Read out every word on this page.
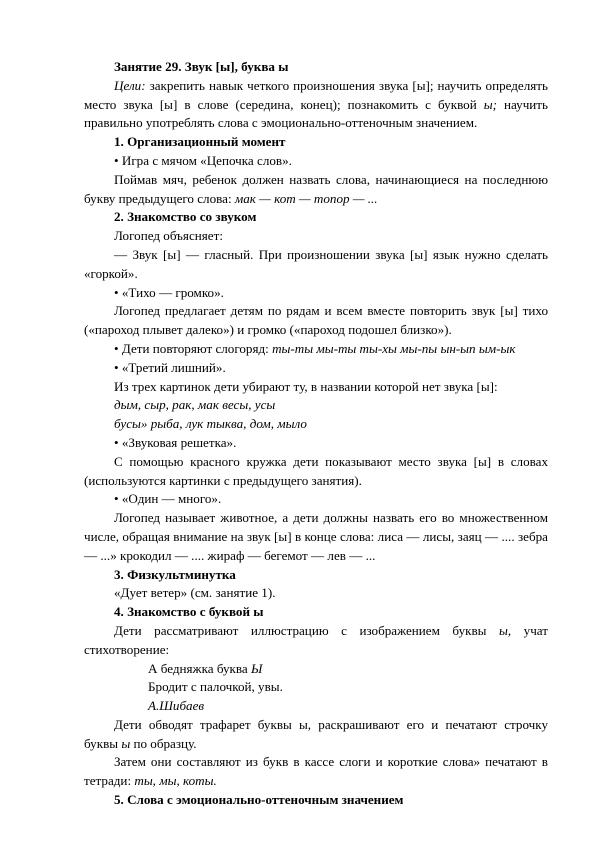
Занятие 29. Звук [ы], буква ы

Цели: закрепить навык четкого произношения звука [ы]; научить определять место звука [ы] в слове (середина, конец); познакомить с буквой ы; научить правильно употреблять слова с эмоционально-оттеночным значением.

1. Организационный момент

• Игра с мячом «Цепочка слов».

Поймав мяч, ребенок должен назвать слова, начинающиеся на последнюю букву предыдущего слова: мак — кот — топор — ...

2. Знакомство со звуком

Логопед объясняет:

— Звук [ы] — гласный. При произношении звука [ы] язык нужно сделать «горкой».

• «Тихо — громко».

Логопед предлагает детям по рядам и всем вместе повторить звук [ы] тихо («пароход плывет далеко») и громко («пароход подошел близко»).

• Дети повторяют слогоряд: ты-ты мы-ты ты-хы мы-пы ын-ып ым-ык

• «Третий лишний».

Из трех картинок дети убирают ту, в названии которой нет звука [ы]:

дым, сыр, рак, мак весы, усы

бусы» рыба, лук тыква, дом, мыло

• «Звуковая решетка».

С помощью красного кружка дети показывают место звука [ы] в словах (используются картинки с предыдущего занятия).

• «Один — много».

Логопед называет животное, а дети должны назвать его во множественном числе, обращая внимание на звук [ы] в конце слова: лиса — лисы, заяц — .... зебра — ...» крокодил — .... жираф — бегемот — лев — ...

3. Физкультминутка

«Дует ветер» (см. занятие 1).

4. Знакомство с буквой ы

Дети рассматривают иллюстрацию с изображением буквы ы, учат стихотворение:

А бедняжка буква Ы

Бродит с палочкой, увы.

А.Шибаев

Дети обводят трафарет буквы ы, раскрашивают его и печатают строчку буквы ы по образцу.

Затем они составляют из букв в кассе слоги и короткие слова» печатают в тетради: ты, мы, коты.

5. Слова с эмоционально-оттеночным значением
